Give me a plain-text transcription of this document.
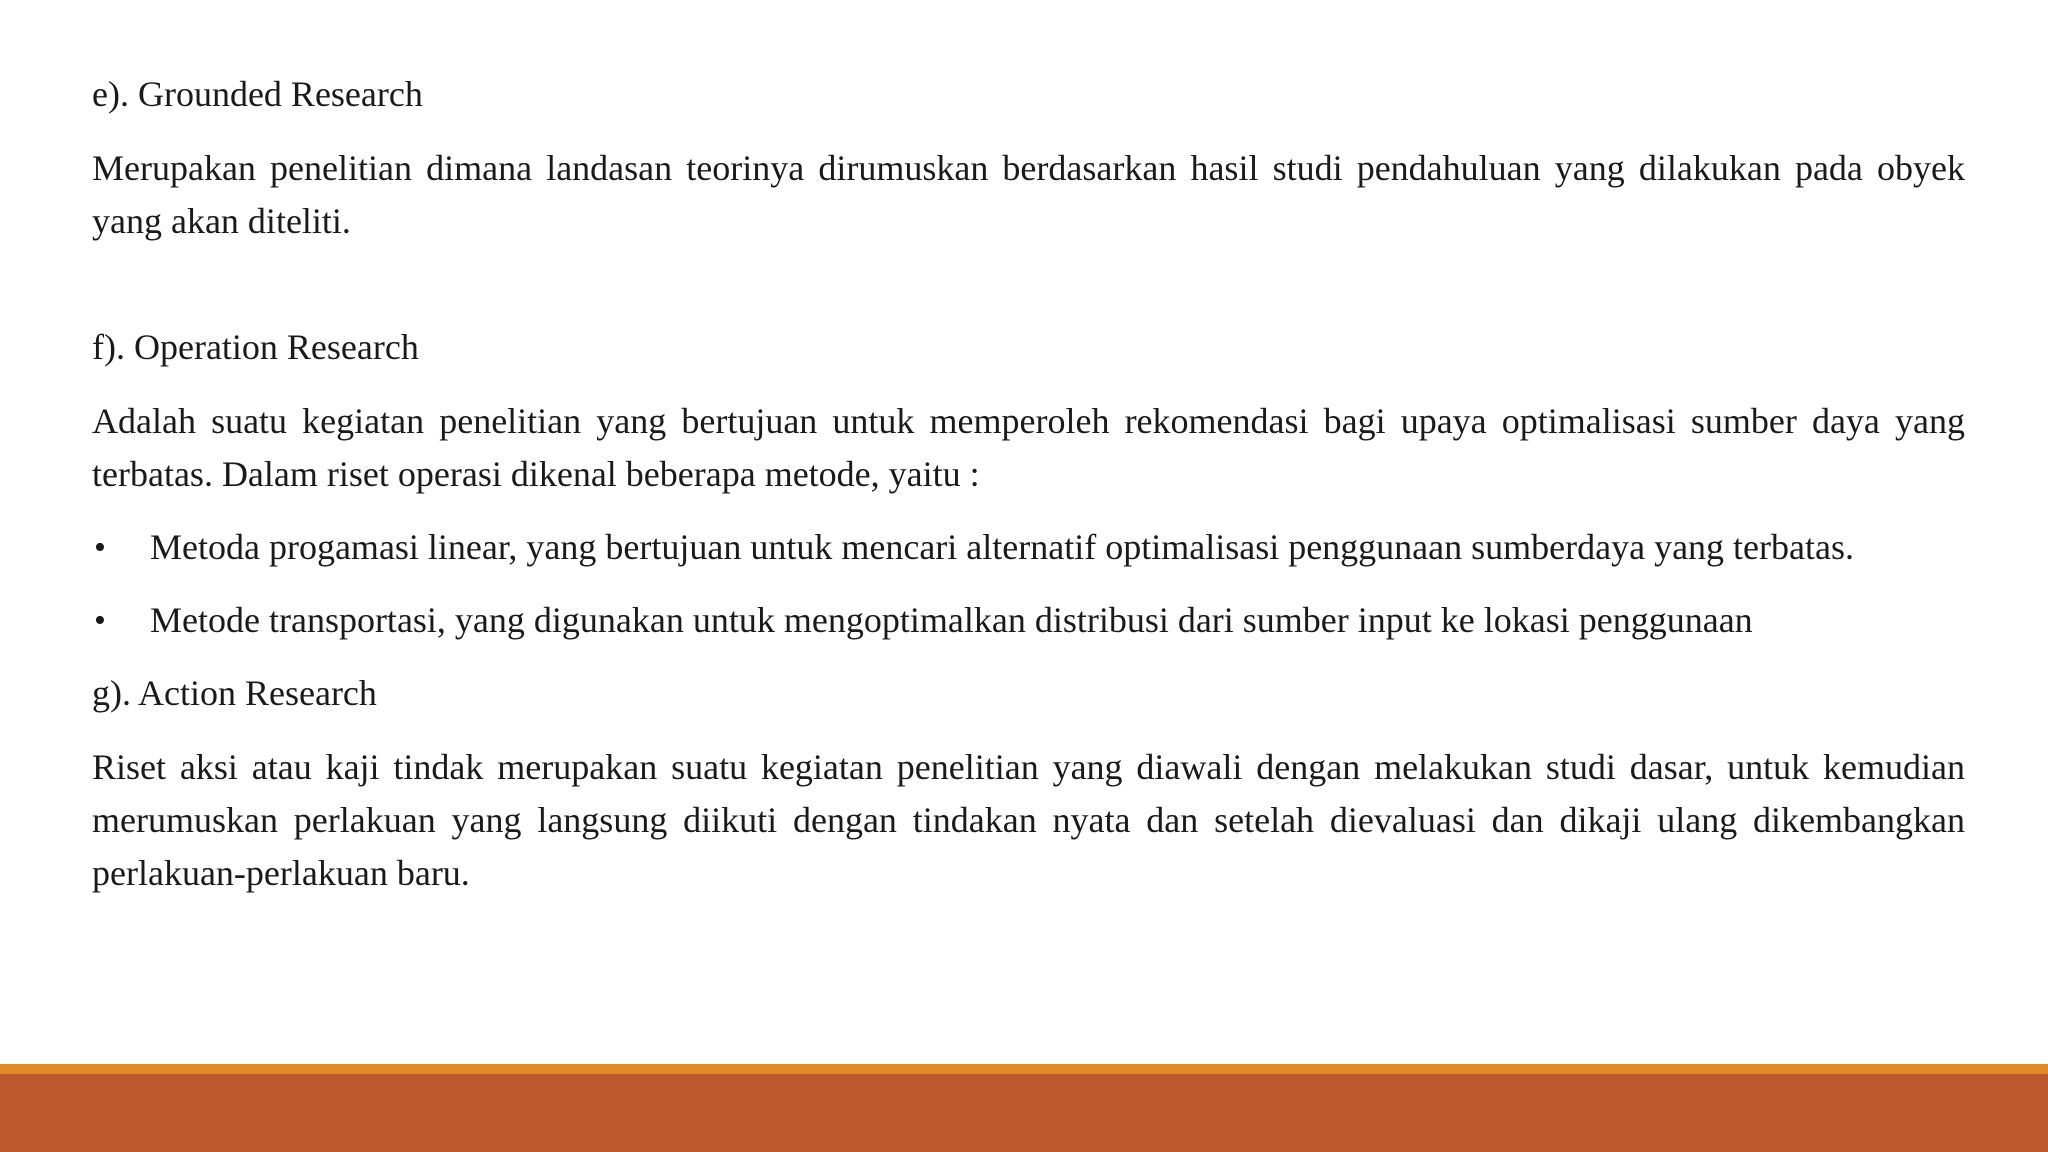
e). Grounded Research

Merupakan penelitian dimana landasan teorinya dirumuskan berdasarkan hasil studi pendahuluan yang dilakukan pada obyek yang akan diteliti.

f). Operation Research

Adalah suatu kegiatan penelitian yang bertujuan untuk memperoleh rekomendasi bagi upaya optimalisasi sumber daya yang terbatas. Dalam riset operasi dikenal beberapa metode, yaitu :

•	Metoda progamasi linear, yang bertujuan untuk mencari alternatif optimalisasi penggunaan sumberdaya yang terbatas.
•	Metode transportasi, yang digunakan untuk mengoptimalkan distribusi dari sumber input ke lokasi penggunaan
g). Action Research

Riset aksi atau kaji tindak merupakan suatu kegiatan penelitian yang diawali dengan melakukan studi dasar, untuk kemudian merumuskan perlakuan yang langsung diikuti dengan tindakan nyata dan setelah dievaluasi dan dikaji ulang dikembangkan perlakuan-perlakuan baru.
